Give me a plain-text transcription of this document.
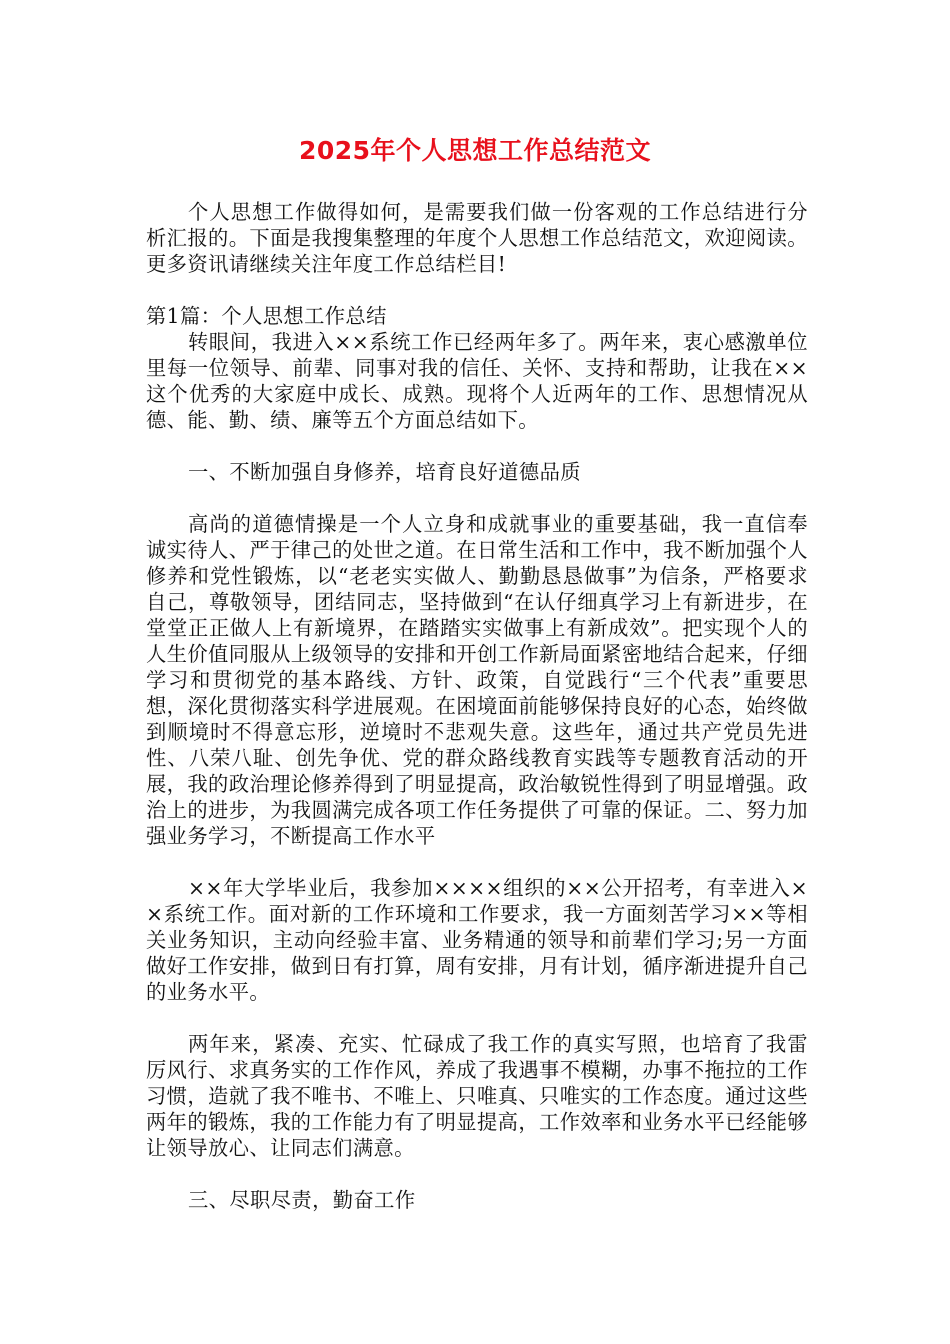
2025年个人思想工作总结范文

个人思想工作做得如何，是需要我们做一份客观的工作总结进行分析汇报的。下面是我搜集整理的年度个人思想工作总结范文，欢迎阅读。更多资讯请继续关注年度工作总结栏目!

第1篇：个人思想工作总结

转眼间，我进入××系统工作已经两年多了。两年来，衷心感激单位里每一位领导、前辈、同事对我的信任、关怀、支持和帮助，让我在××这个优秀的大家庭中成长、成熟。现将个人近两年的工作、思想情况从德、能、勤、绩、廉等五个方面总结如下。

一、不断加强自身修养，培育良好道德品质

高尚的道德情操是一个人立身和成就事业的重要基础，我一直信奉诚实待人、严于律己的处世之道。在日常生活和工作中，我不断加强个人修养和党性锻炼，以“老老实实做人、勤勤恳恳做事”为信条，严格要求自己，尊敬领导，团结同志，坚持做到“在认仔细真学习上有新进步，在堂堂正正做人上有新境界，在踏踏实实做事上有新成效”。把实现个人的人生价值同服从上级领导的安排和开创工作新局面紧密地结合起来，仔细学习和贯彻党的基本路线、方针、政策，自觉践行“三个代表”重要思想，深化贯彻落实科学进展观。在困境面前能够保持良好的心态，始终做到顺境时不得意忘形，逆境时不悲观失意。这些年，通过共产党员先进性、八荣八耻、创先争优、党的群众路线教育实践等专题教育活动的开展，我的政治理论修养得到了明显提高，政治敏锐性得到了明显增强。政治上的进步，为我圆满完成各项工作任务提供了可靠的保证。二、努力加强业务学习，不断提高工作水平

××年大学毕业后，我参加××××组织的××公开招考，有幸进入××系统工作。面对新的工作环境和工作要求，我一方面刻苦学习××等相关业务知识，主动向经验丰富、业务精通的领导和前辈们学习;另一方面做好工作安排，做到日有打算，周有安排，月有计划，循序渐进提升自己的业务水平。

两年来，紧凑、充实、忙碌成了我工作的真实写照，也培育了我雷厉风行、求真务实的工作作风，养成了我遇事不模糊，办事不拖拉的工作习惯，造就了我不唯书、不唯上、只唯真、只唯实的工作态度。通过这些两年的锻炼，我的工作能力有了明显提高，工作效率和业务水平已经能够让领导放心、让同志们满意。

三、尽职尽责，勤奋工作
